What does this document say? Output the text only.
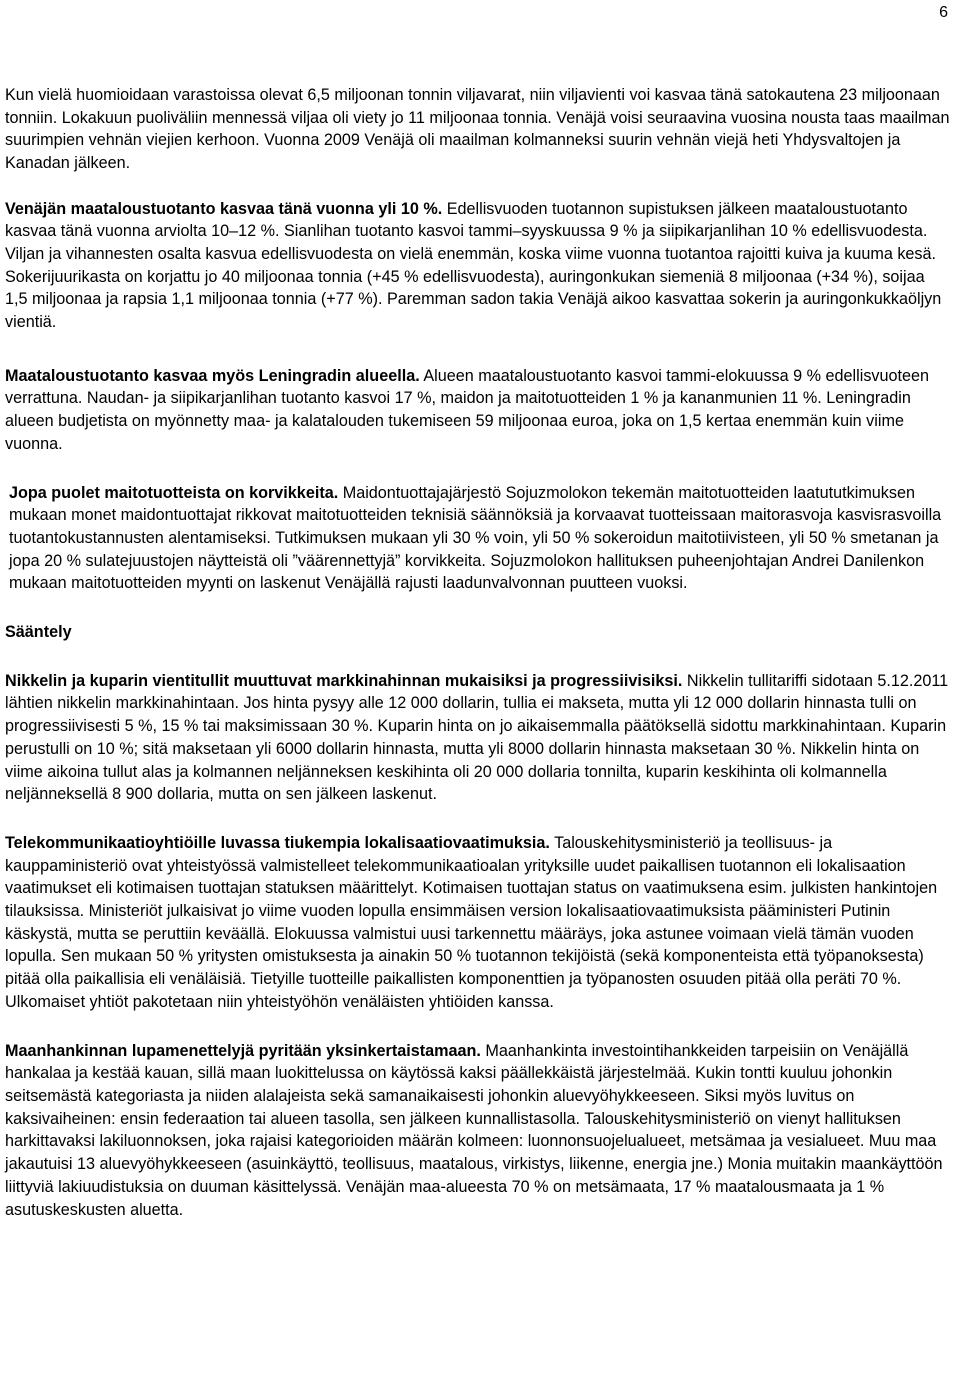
6

Kun vielä huomioidaan varastoissa olevat 6,5 miljoonan tonnin viljavarat, niin viljavienti voi kasvaa tänä satokautena 23 miljoonaan tonniin. Lokakuun puoliväliin mennessä viljaa oli viety jo 11 miljoonaa tonnia. Venäjä voisi seuraavina vuosina nousta taas maailman suurimpien vehnän viejien kerhoon. Vuonna 2009 Venäjä oli maailman kolmanneksi suurin vehnän viejä heti Yhdysvaltojen ja Kanadan jälkeen.

Venäjän maataloustuotanto kasvaa tänä vuonna yli 10 %. Edellisvuoden tuotannon supistuksen jälkeen maataloustuotanto kasvaa tänä vuonna arviolta 10–12 %. Sianlihan tuotanto kasvoi tammi–syyskuussa 9 % ja siipikarjanlihan 10 % edellisvuodesta. Viljan ja vihannesten osalta kasvua edellisvuodesta on vielä enemmän, koska viime vuonna tuotantoa rajoitti kuiva ja kuuma kesä. Sokerijuurikasta on korjattu jo 40 miljoonaa tonnia (+45 % edellisvuodesta), auringonkukan siemeniä 8 miljoonaa (+34 %), soijaa 1,5 miljoonaa ja rapsia 1,1 miljoonaa tonnia (+77 %). Paremman sadon takia Venäjä aikoo kasvattaa sokerin ja auringonkukkaöljyn vientiä.

Maataloustuotanto kasvaa myös Leningradin alueella. Alueen maataloustuotanto kasvoi tammi-elokuussa 9 % edellisvuoteen verrattuna. Naudan- ja siipikarjanlihan tuotanto kasvoi 17 %, maidon ja maitotuotteiden 1 % ja kananmunien 11 %. Leningradin alueen budjetista on myönnetty maa- ja kalatalouden tukemiseen 59 miljoonaa euroa, joka on 1,5 kertaa enemmän kuin viime vuonna.

Jopa puolet maitotuotteista on korvikkeita. Maidontuottajajärjestö Sojuzmolokon tekemän maitotuotteiden laatututkimuksen mukaan monet maidontuottajat rikkovat maitotuotteiden teknisiä säännöksiä ja korvaavat tuotteissaan maitorasvoja kasvisrasvoilla tuotantokustannusten alentamiseksi. Tutkimuksen mukaan yli 30 % voin, yli 50 % sokeroidun maitotiivisteen, yli 50 % smetanan ja jopa 20 % sulatejuustojen näytteistä oli ”väärennettyjä” korvikkeita. Sojuzmolokon hallituksen puheenjohtajan Andrei Danilenkon mukaan maitotuotteiden myynti on laskenut Venäjällä rajusti laadunvalvonnan puutteen vuoksi.

Sääntely

Nikkelin ja kuparin vientitullit muuttuvat markkinahinnan mukaisiksi ja progressiivisiksi. Nikkelin tullitariffi sidotaan 5.12.2011 lähtien nikkelin markkinahintaan. Jos hinta pysyy alle 12 000 dollarin, tullia ei makseta, mutta yli 12 000 dollarin hinnasta tulli on progressiivisesti 5 %, 15 % tai maksimissaan 30 %. Kuparin hinta on jo aikaisemmalla päätöksellä sidottu markkinahintaan. Kuparin perustulli on 10 %; sitä maksetaan yli 6000 dollarin hinnasta, mutta yli 8000 dollarin hinnasta maksetaan 30 %. Nikkelin hinta on viime aikoina tullut alas ja kolmannen neljänneksen keskihinta oli 20 000 dollaria tonnilta, kuparin keskihinta oli kolmannella neljänneksellä 8 900 dollaria, mutta on sen jälkeen laskenut.

Telekommunikaatioyhtiöille luvassa tiukempia lokalisaatiovaatimuksia. Talouskehitysministeriö ja teollisuus- ja kauppaministeriö ovat yhteistyössä valmistelleet telekommunikaatioalan yrityksille uudet paikallisen tuotannon eli lokalisaation vaatimukset eli kotimaisen tuottajan statuksen määrittelyt. Kotimaisen tuottajan status on vaatimuksena esim. julkisten hankintojen tilauksissa. Ministeriöt julkaisivat jo viime vuoden lopulla ensimmäisen version lokalisaatiovaatimuksista pääministeri Putinin käskystä, mutta se peruttiin keväällä. Elokuussa valmistui uusi tarkennettu määräys, joka astunee voimaan vielä tämän vuoden lopulla. Sen mukaan 50 % yritysten omistuksesta ja ainakin 50 % tuotannon tekijöistä (sekä komponenteista että työpanoksesta) pitää olla paikallisia eli venäläisiä. Tietyille tuotteille paikallisten komponenttien ja työpanosten osuuden pitää olla peräti 70 %. Ulkomaiset yhtiöt pakotetaan niin yhteistyöhön venäläisten yhtiöiden kanssa.

Maanhankinnan lupamenettelyjä pyritään yksinkertaistamaan. Maanhankinta investointihankkeiden tarpeisiin on Venäjällä hankalaa ja kestää kauan, sillä maan luokittelussa on käytössä kaksi päällekkäistä järjestelmää. Kukin tontti kuuluu johonkin seitsemästä kategoriasta ja niiden alalajeista sekä samanaikaisesti johonkin aluevyöhykkeeseen. Siksi myös luvitus on kaksivaiheinen: ensin federaation tai alueen tasolla, sen jälkeen kunnallistasolla. Talouskehitysministeriö on vienyt hallituksen harkittavaksi lakiluonnoksen, joka rajaisi kategorioiden määrän kolmeen: luonnonsuojelualueet, metsämaa ja vesialueet. Muu maa jakautuisi 13 aluevyöhykkeeseen (asuinkäyttö, teollisuus, maatalous, virkistys, liikenne, energia jne.) Monia muitakin maankäyttöön liittyviä lakiuudistuksia on duuman käsittelyssä. Venäjän maa-alueesta 70 % on metsämaata, 17 % maatalousmaata ja 1 % asutuskeskusten aluetta.
